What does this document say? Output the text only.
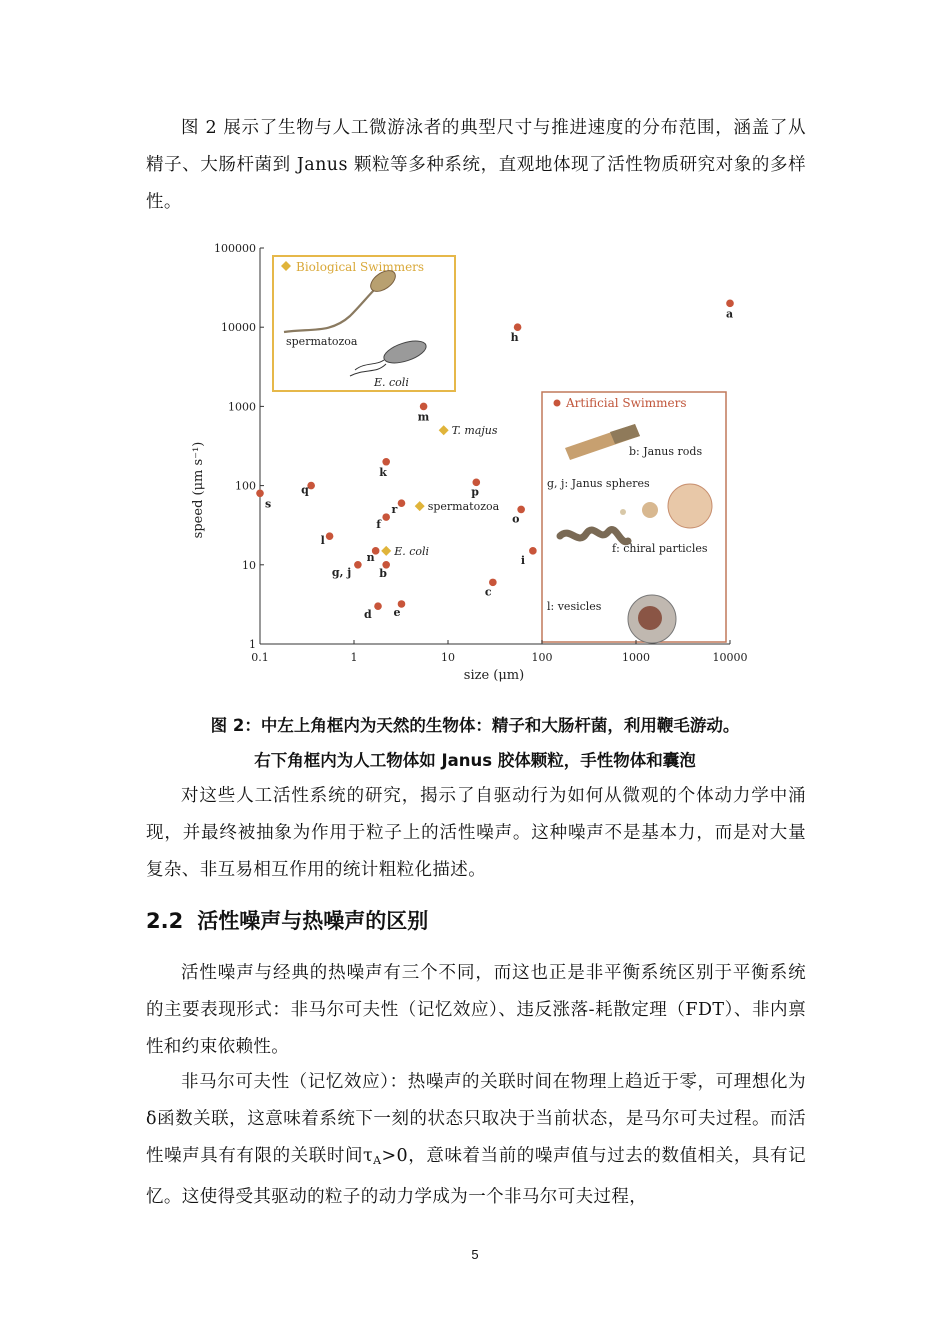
图 2 展示了生物与人工微游泳者的典型尺寸与推进速度的分布范围，涵盖了从精子、大肠杆菌到 Janus 颗粒等多种系统，直观地体现了活性物质研究对象的多样性。

Biological Swimmers
spermatozoa
E. coli
Artificial Swimmers
b: Janus rods
g, j: Janus spheres
f: chiral particles
l: vesicles
size (μm)
speed (μm s⁻¹)
0.1	1	10	100	1000	10000
1
10
100
1000
10000
100000
a
h
m
k
s
q	p
o
r
f
l
n
b
g, j
i
c
d e
T. majus
spermatozoa
E. coli

图 2：中左上角框内为天然的生物体：精子和大肠杆菌，利用鞭毛游动。

右下角框内为人工物体如 Janus 胶体颗粒，手性物体和囊泡

对这些人工活性系统的研究，揭示了自驱动行为如何从微观的个体动力学中涌现，并最终被抽象为作用于粒子上的活性噪声。这种噪声不是基本力，而是对大量复杂、非互易相互作用的统计粗粒化描述。

2.2 活性噪声与热噪声的区别

活性噪声与经典的热噪声有三个不同，而这也正是非平衡系统区别于平衡系统的主要表现形式：非马尔可夫性（记忆效应）、违反涨落-耗散定理（FDT）、非内禀性和约束依赖性。

非马尔可夫性（记忆效应）：热噪声的关联时间在物理上趋近于零，可理想化为δ函数关联，这意味着系统下一刻的状态只取决于当前状态，是马尔可夫过程。而活性噪声具有有限的关联时间$\tau_A>0$，意味着当前的噪声值与过去的数值相关，具有记忆。这使得受其驱动的粒子的动力学成为一个非马尔可夫过程，

5
